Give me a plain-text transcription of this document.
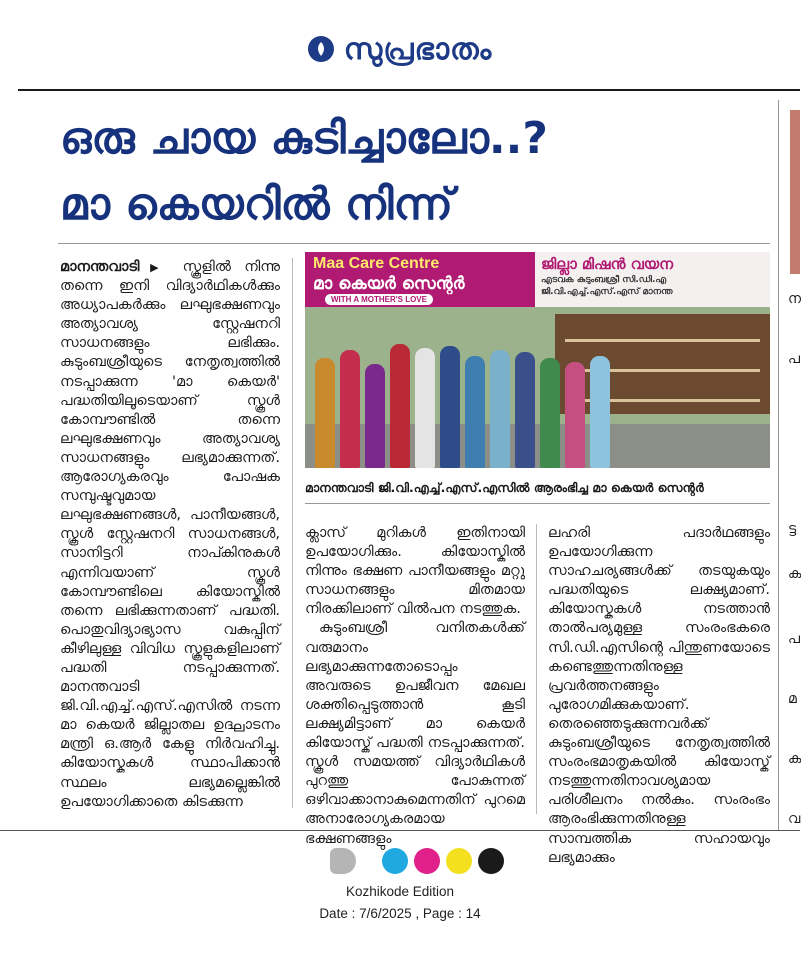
സുപ്രഭാതം
ഒരു ചായ കുടിച്ചാലോ..?
മാ കെയറിൽ നിന്ന്
മാനന്തവാടി ▶ സ്കൂളിൽ നിന്നു തന്നെ ഇനി വിദ്യാർഥികൾക്കും അധ്യാപകർക്കും ലഘുഭക്ഷണവും അത്യാവശ്യ സ്റ്റേഷനറി സാധനങ്ങളും ലഭിക്കും. കുടുംബശ്രീയുടെ നേതൃത്വത്തിൽ നടപ്പാക്കുന്ന 'മാ കെയർ' പദ്ധതിയിലൂടെയാണ് സ്കൂൾ കോമ്പൗണ്ടിൽ തന്നെ ലഘുഭക്ഷണവും അത്യാവശ്യ സാധനങ്ങളും ലഭ്യമാക്കുന്നത്. ആരോഗ്യകരവും പോഷക സമ്പുഷ്ടവുമായ ലഘുഭക്ഷണങ്ങൾ, പാനീയങ്ങൾ, സ്കൂൾ സ്റ്റേഷനറി സാധനങ്ങൾ, സാനിട്ടറി നാപ്കിനുകൾ എന്നിവയാണ് സ്കൂൾ കോമ്പൗണ്ടിലെ കിയോസ്കിൽ തന്നെ ലഭിക്കുന്നതാണ് പദ്ധതി. പൊതുവിദ്യാഭ്യാസ വകുപ്പിന് കീഴിലുള്ള വിവിധ സ്കൂളുകളിലാണ് പദ്ധതി നടപ്പാക്കുന്നത്. മാനന്തവാടി ജി.വി.എച്ച്.എസ്.എസിൽ നടന്ന മാ കെയർ ജില്ലാതല ഉദ്ഘാടനം മന്ത്രി ഒ.ആർ കേളു നിർവഹിച്ചു. കിയോസ്കുകൾ സ്ഥാപിക്കാൻ സ്ഥലം ലഭ്യമല്ലെങ്കിൽ ഉപയോഗിക്കാതെ കിടക്കുന്ന
Maa Care Centre
മാ കെയർ സെന്റർ
WITH A MOTHER'S LOVE
ജില്ലാ മിഷൻ വയന
എടവക കുടുംബശ്രീ സി.ഡി.എ
ജി.വി.എച്ച്.എസ്.എസ് മാനന്ത
മാനന്തവാടി ജി.വി.എച്ച്.എസ്.എസിൽ ആരംഭിച്ച മാ കെയർ സെന്റർ
ക്ലാസ് മുറികൾ ഇതിനായി ഉപയോഗിക്കും. കിയോസ്കിൽ നിന്നും ഭക്ഷണ പാനീയങ്ങളും മറ്റു സാധനങ്ങളും മിതമായ നിരക്കിലാണ് വിൽപന നടത്തുക.
കുടുംബശ്രീ വനിതകൾക്ക് വരുമാനം ലഭ്യമാക്കുന്നതോടൊപ്പം അവരുടെ ഉപജീവന മേഖല ശക്തിപ്പെടുത്താൻ കൂടി ലക്ഷ്യമിട്ടാണ് മാ കെയർ കിയോസ്ക് പദ്ധതി നടപ്പാക്കുന്നത്. സ്കൂൾ സമയത്ത് വിദ്യാർഥികൾ പുറത്തു പോകുന്നത് ഒഴിവാക്കാനാകുമെന്നതിന് പുറമെ അനാരോഗ്യകരമായ ഭക്ഷണങ്ങളും
ലഹരി പദാർഥങ്ങളും ഉപയോഗിക്കുന്ന സാഹചര്യങ്ങൾക്ക് തടയുകയും പദ്ധതിയുടെ ലക്ഷ്യമാണ്. കിയോസ്കുകൾ നടത്താൻ താൽപര്യമുള്ള സംരംഭകരെ സി.ഡി.എസിന്റെ പിന്തുണയോടെ കണ്ടെത്തുന്നതിനുള്ള പ്രവർത്തനങ്ങളും പുരോഗമിക്കുകയാണ്. തെരഞ്ഞെടുക്കുന്നവർക്ക് കുടുംബശ്രീയുടെ നേതൃത്വത്തിൽ സംരംഭമാതൃകയിൽ കിയോസ്ക് നടത്തുന്നതിനാവശ്യമായ പരിശീലനം നൽകും. സംരംഭം ആരംഭിക്കുന്നതിനുള്ള സാമ്പത്തിക സഹായവും ലഭ്യമാക്കും
ന
പ
ട്ട
ക
പ
മ
ക
വ
Kozhikode Edition
Date : 7/6/2025 , Page : 14
